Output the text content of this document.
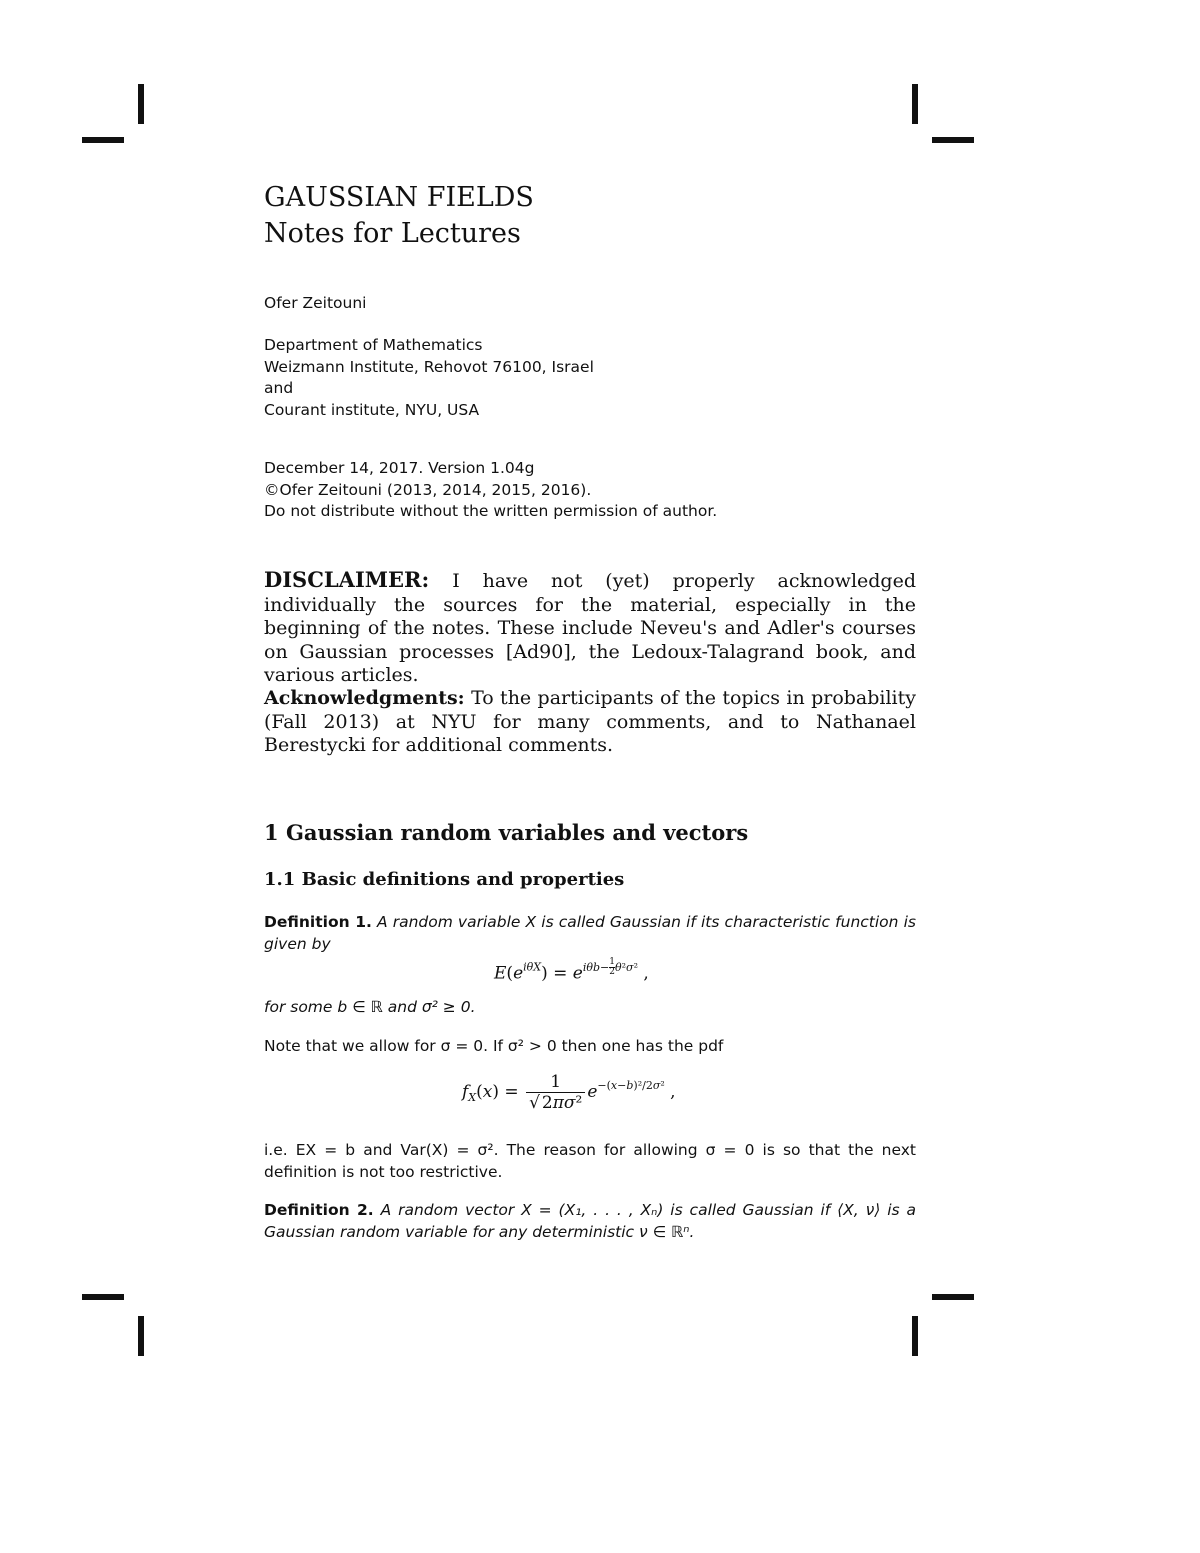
GAUSSIAN FIELDS
Notes for Lectures
Ofer Zeitouni
Department of Mathematics
Weizmann Institute, Rehovot 76100, Israel
and
Courant institute, NYU, USA
December 14, 2017. Version 1.04g
©Ofer Zeitouni (2013, 2014, 2015, 2016).
Do not distribute without the written permission of author.
DISCLAIMER: I have not (yet) properly acknowledged individually the sources for the material, especially in the beginning of the notes. These include Neveu's and Adler's courses on Gaussian processes [Ad90], the Ledoux-Talagrand book, and various articles.
Acknowledgments: To the participants of the topics in probability (Fall 2013) at NYU for many comments, and to Nathanael Berestycki for additional comments.
1 Gaussian random variables and vectors
1.1 Basic definitions and properties
Definition 1. A random variable X is called Gaussian if its characteristic function is given by
$E(e^{i\theta X}) = e^{i\theta b- \frac{1}{2}\theta^2\sigma^2}$ ,
for some b ∈ ℝ and σ² ≥ 0.
Note that we allow for σ = 0. If σ² > 0 then one has the pdf
$f_X(x) = \frac{1}{\text{√ 2πσ²}} e^{-(x-b)^2/2\sigma^2}$ ,
i.e. EX = b and Var(X) = σ². The reason for allowing σ = 0 is so that the next definition is not too restrictive.
Definition 2. A random vector X = (X₁, . . . , Xₙ) is called Gaussian if ⟨X, ν⟩ is a Gaussian random variable for any deterministic ν ∈ ℝⁿ.
